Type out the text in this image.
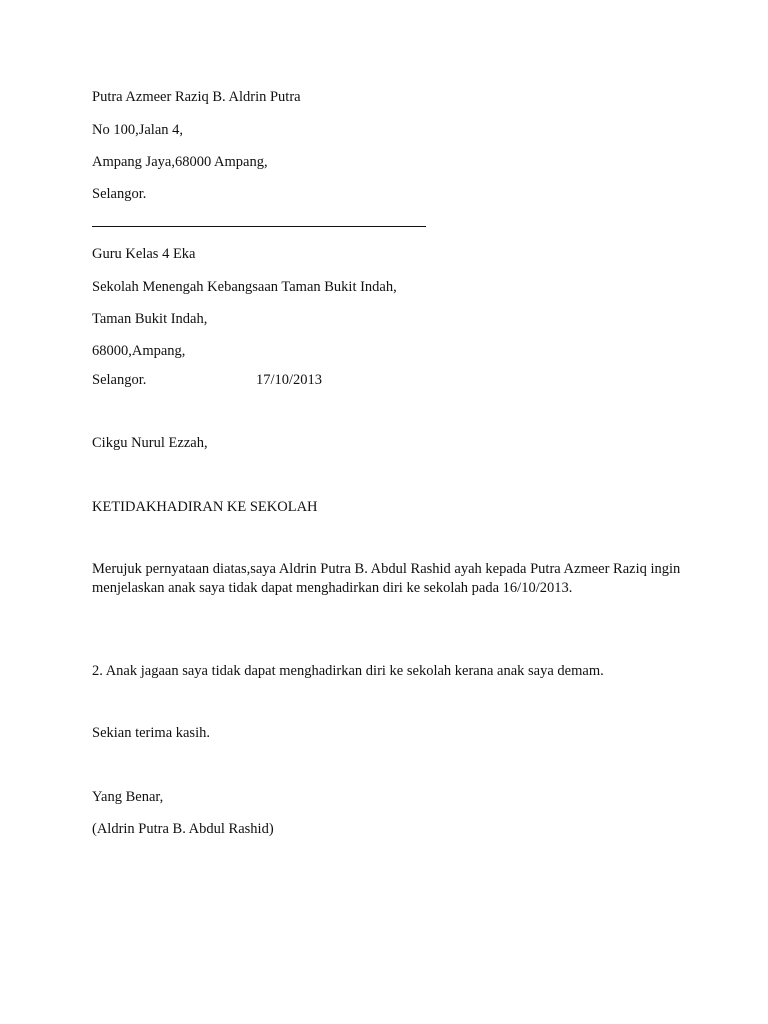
Putra Azmeer Raziq B. Aldrin Putra
No 100,Jalan 4,
Ampang Jaya,68000 Ampang,
Selangor.
Guru Kelas 4 Eka
Sekolah Menengah Kebangsaan Taman Bukit Indah,
Taman Bukit Indah,
68000,Ampang,
Selangor.	17/10/2013
Cikgu Nurul Ezzah,
KETIDAKHADIRAN KE SEKOLAH
Merujuk pernyataan diatas,saya Aldrin Putra B. Abdul Rashid ayah kepada Putra Azmeer Raziq ingin menjelaskan anak saya tidak dapat menghadirkan diri ke sekolah pada 16/10/2013.
2. Anak jagaan saya tidak dapat menghadirkan diri ke sekolah kerana anak saya demam.
Sekian terima kasih.
Yang Benar,
(Aldrin Putra B. Abdul Rashid)
